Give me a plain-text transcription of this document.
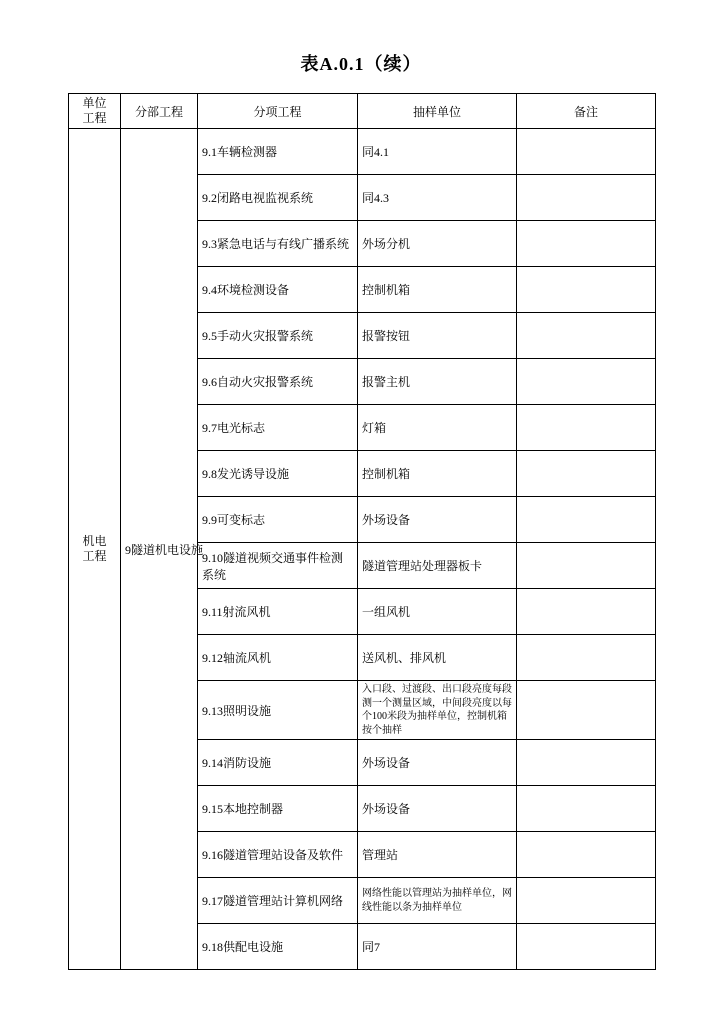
表A.0.1（续）
单位工程	分部工程	分项工程	抽样单位	备注
机电工程	9隧道机电设施	9.1车辆检测器	同4.1	
		9.2闭路电视监视系统	同4.3	
		9.3紧急电话与有线广播系统	外场分机	
		9.4环境检测设备	控制机箱	
		9.5手动火灾报警系统	报警按钮	
		9.6自动火灾报警系统	报警主机	
		9.7电光标志	灯箱	
		9.8发光诱导设施	控制机箱	
		9.9可变标志	外场设备	
		9.10隧道视频交通事件检测系统	隧道管理站处理器板卡	
		9.11射流风机	一组风机	
		9.12轴流风机	送风机、排风机	
		9.13照明设施	入口段、过渡段、出口段亮度每段测一个测量区域，中间段亮度以每个100米段为抽样单位，控制机箱按个抽样	
		9.14消防设施	外场设备	
		9.15本地控制器	外场设备	
		9.16隧道管理站设备及软件	管理站	
		9.17隧道管理站计算机网络	网络性能以管理站为抽样单位，网线性能以条为抽样单位	
		9.18供配电设施	同7	
